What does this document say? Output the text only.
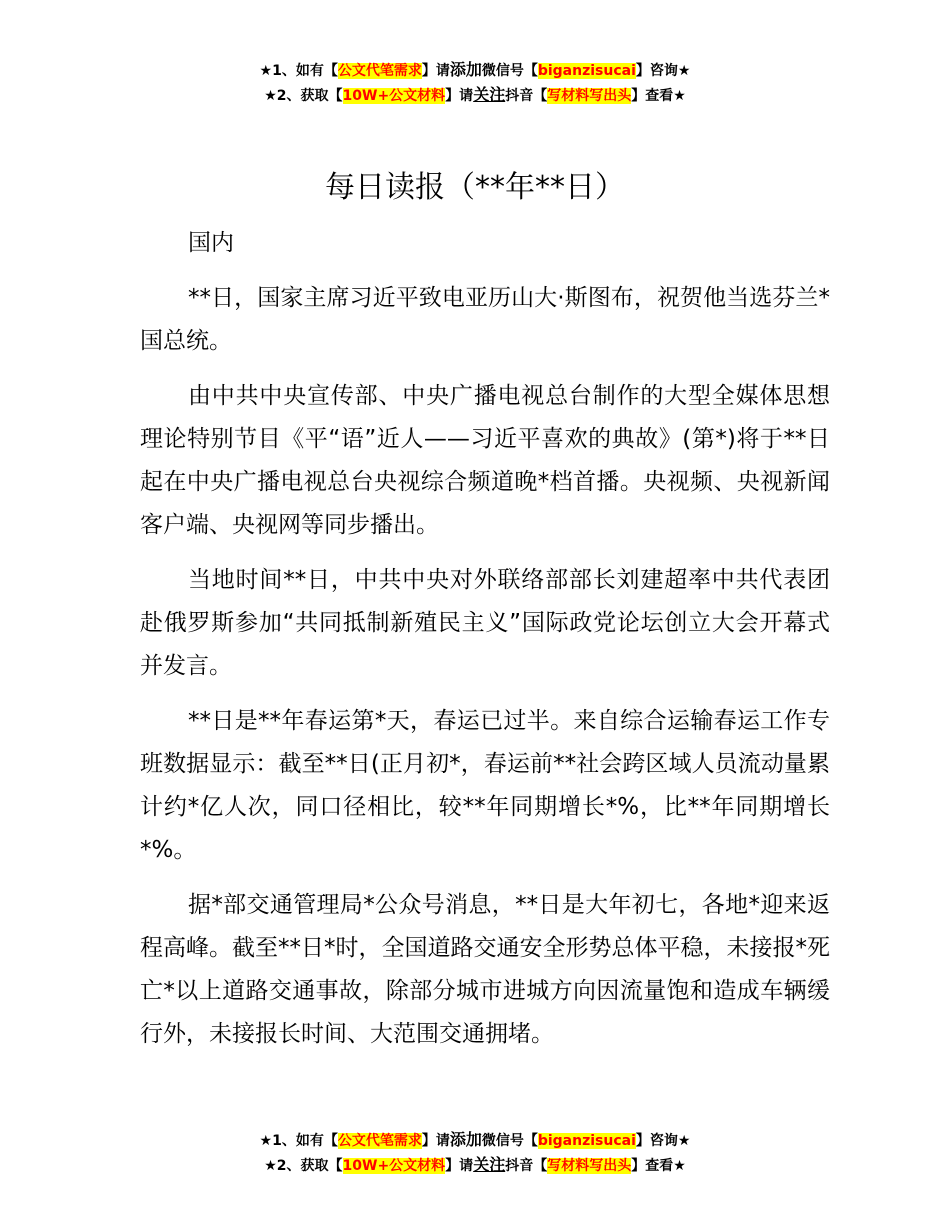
★1、如有【公文代笔需求】请添加微信号【biganzisucai】咨询★
★2、获取【10W+公文材料】请关注抖音【写材料写出头】查看★
每日读报（**年**日）

国内

**日，国家主席习近平致电亚历山大·斯图布，祝贺他当选芬兰*国总统。

由中共中央宣传部、中央广播电视总台制作的大型全媒体思想理论特别节目《平“语”近人——习近平喜欢的典故》(第*)将于**日起在中央广播电视总台央视综合频道晚*档首播。央视频、央视新闻客户端、央视网等同步播出。

当地时间**日，中共中央对外联络部部长刘建超率中共代表团赴俄罗斯参加“共同抵制新殖民主义”国际政党论坛创立大会开幕式并发言。

**日是**年春运第*天，春运已过半。来自综合运输春运工作专班数据显示：截至**日(正月初*，春运前**社会跨区域人员流动量累计约*亿人次，同口径相比，较**年同期增长*%，比**年同期增长*%。

据*部交通管理局*公众号消息，**日是大年初七，各地*迎来返程高峰。截至**日*时，全国道路交通安全形势总体平稳，未接报*死亡*以上道路交通事故，除部分城市进城方向因流量饱和造成车辆缓行外，未接报长时间、大范围交通拥堵。

★1、如有【公文代笔需求】请添加微信号【biganzisucai】咨询★
★2、获取【10W+公文材料】请关注抖音【写材料写出头】查看★
